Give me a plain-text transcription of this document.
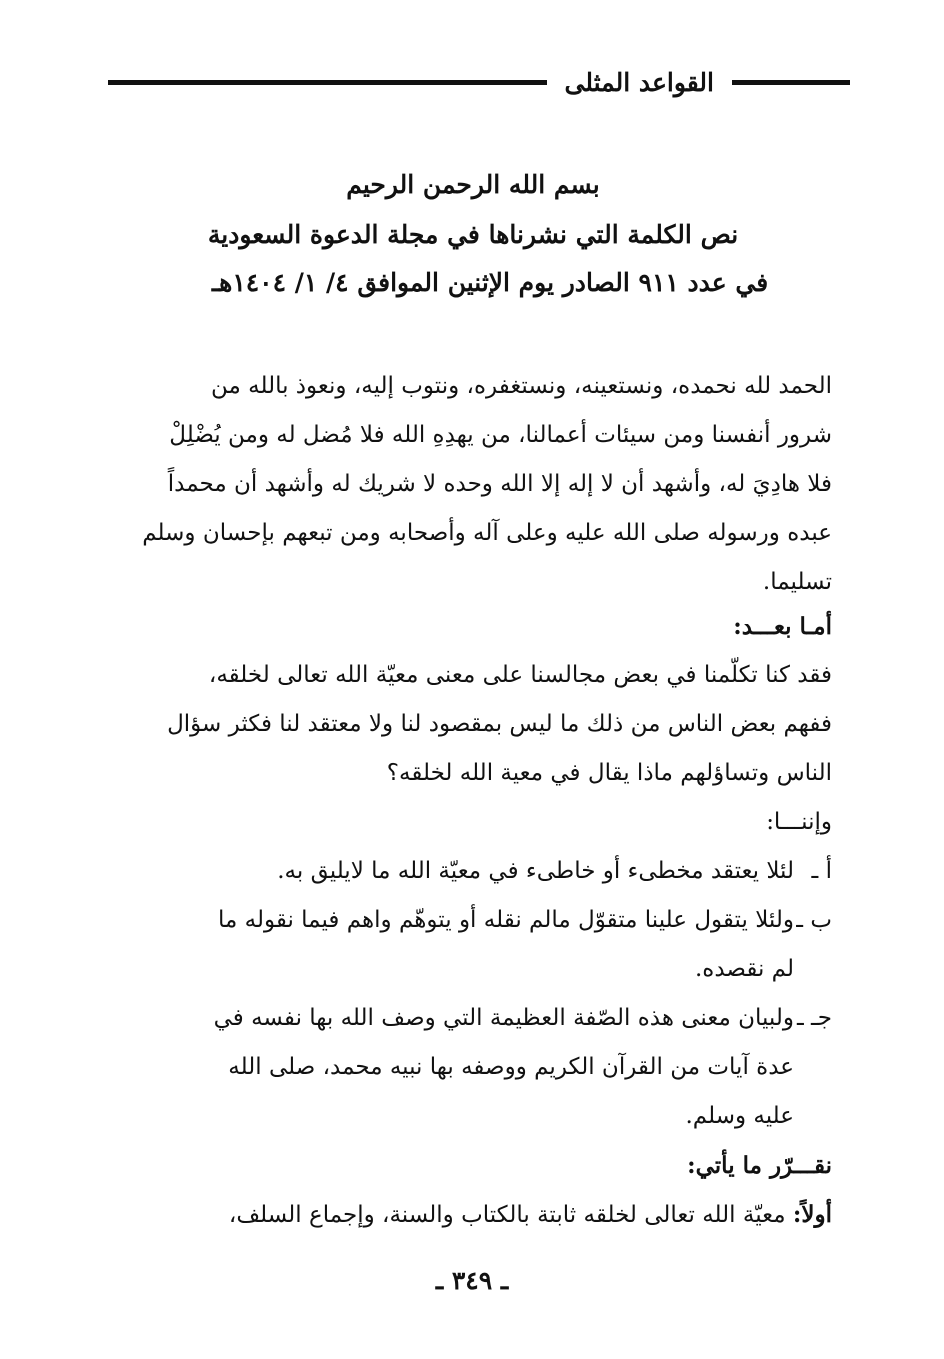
القواعد المثلى
بسم الله الرحمن الرحيم
نص الكلمة التي نشرناها في مجلة الدعوة السعودية
في عدد ٩١١ الصادر يوم الإثنين الموافق ٤/ ١/ ١٤٠٤هـ
الحمد لله نحمده، ونستعينه، ونستغفره، ونتوب إليه، ونعوذ بالله من
شرور أنفسنا ومن سيئات أعمالنا، من يهدِهِ الله فلا مُضل له ومن يُضْلِلْ
فلا هادِيَ له، وأشهد أن لا إله إلا الله وحده لا شريك له وأشهد أن محمداً
عبده ورسوله صلى الله عليه وعلى آله وأصحابه ومن تبعهم بإحسان وسلم
تسليما.
أمـا بعـــد:
فقد كنا تكلّمنا في بعض مجالسنا على معنى معيّة الله تعالى لخلقه،
ففهم بعض الناس من ذلك ما ليس بمقصود لنا ولا معتقد لنا فكثر سؤال
الناس وتساؤلهم ماذا يقال في معية الله لخلقه؟
وإننـــا:
أ ـ
لئلا يعتقد مخطىء أو خاطىء في معيّة الله ما لايليق به.
ب ـ
ولئلا يتقول علينا متقوّل مالم نقله أو يتوهّم واهم فيما نقوله ما
لم نقصده.
جـ ـ
ولبيان معنى هذه الصّفة العظيمة التي وصف الله بها نفسه في
عدة آيات من القرآن الكريم ووصفه بها نبيه محمد، صلى الله
عليه وسلم.
نقـــرّر ما يأتي:
أولاً: معيّة الله تعالى لخلقه ثابتة بالكتاب والسنة، وإجماع السلف،
ـ ٣٤٩ ـ
